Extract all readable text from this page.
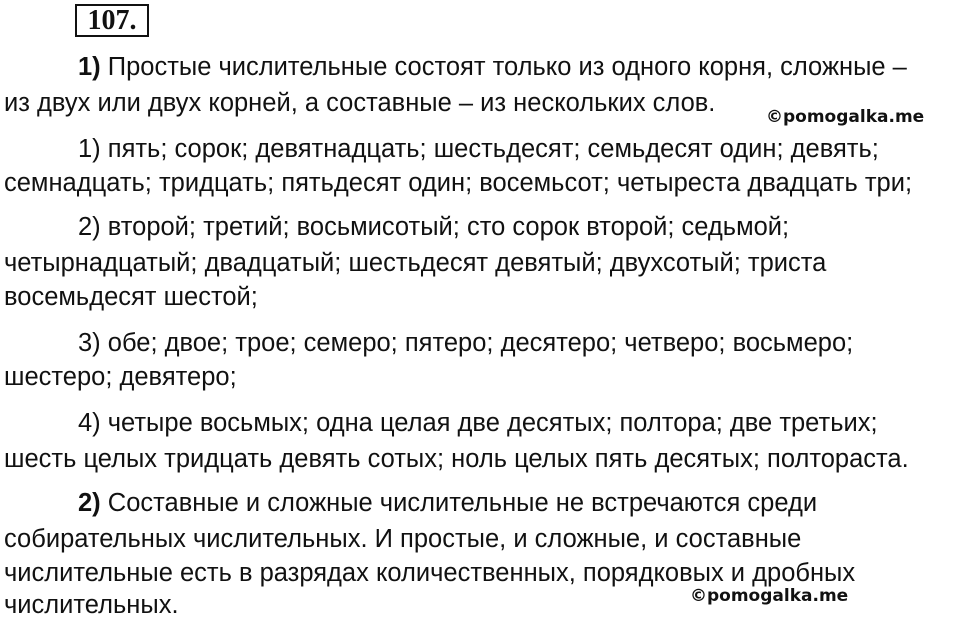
107.
1) Простые числительные состоят только из одного корня, сложные –
из двух или двух корней, а составные – из нескольких слов.	©pomogalka.me
1) пять; сорок; девятнадцать; шестьдесят; семьдесят один; девять;
семнадцать; тридцать; пятьдесят один; восемьсот; четыреста двадцать три;
2) второй; третий; восьмисотый; сто сорок второй; седьмой;
четырнадцатый; двадцатый; шестьдесят девятый; двухсотый; триста
восемьдесят шестой;
3) обе; двое; трое; семеро; пятеро; десятеро; четверо; восьмеро;
шестеро; девятеро;
4) четыре восьмых; одна целая две десятых; полтора; две третьих;
шесть целых тридцать девять сотых; ноль целых пять десятых; полтораста.
2) Составные и сложные числительные не встречаются среди
собирательных числительных. И простые, и сложные, и составные
числительные есть в разрядах количественных, порядковых и дробных
числительных.	©pomogalka.me
